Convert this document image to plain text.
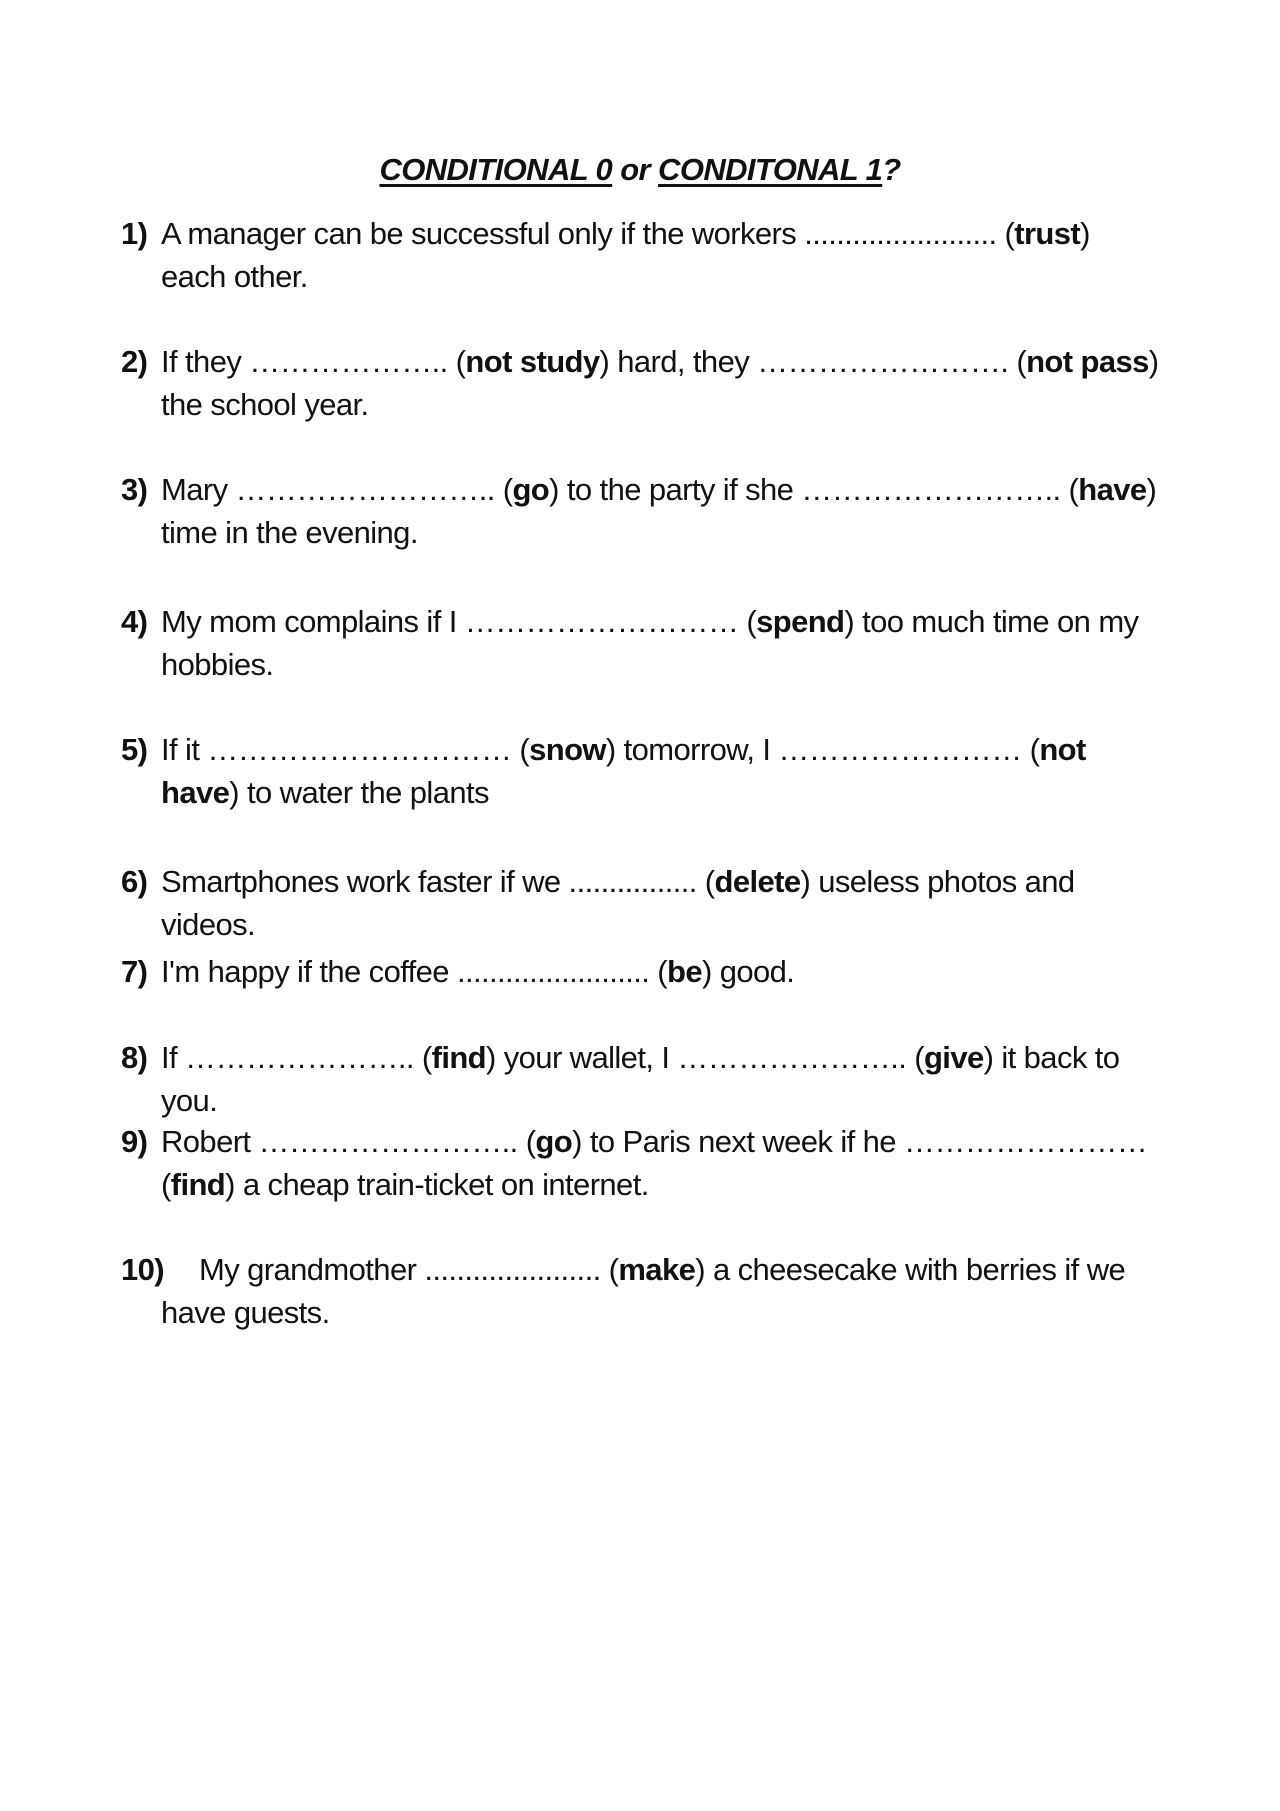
CONDITIONAL 0 or CONDITONAL 1?
1) A manager can be successful only if the workers ........................ (trust) each other.
2) If they ……………….. (not study) hard, they ……………………. (not pass) the school year.
3) Mary …………………….. (go) to the party if she …………………….. (have) time in the evening.
4) My mom complains if I ……………………… (spend) too much time on my hobbies.
5) If it ………………………… (snow) tomorrow, I …………………… (not have) to water the plants
6) Smartphones work faster if we ................ (delete) useless photos and videos.
7) I'm happy if the coffee ........................ (be) good.
8) If ………………….. (find) your wallet, I ………………….. (give) it back to you.
9) Robert …………………….. (go) to Paris next week if he …………………… (find) a cheap train-ticket on internet.
10)	My grandmother ...................... (make) a cheesecake with berries if we have guests.
